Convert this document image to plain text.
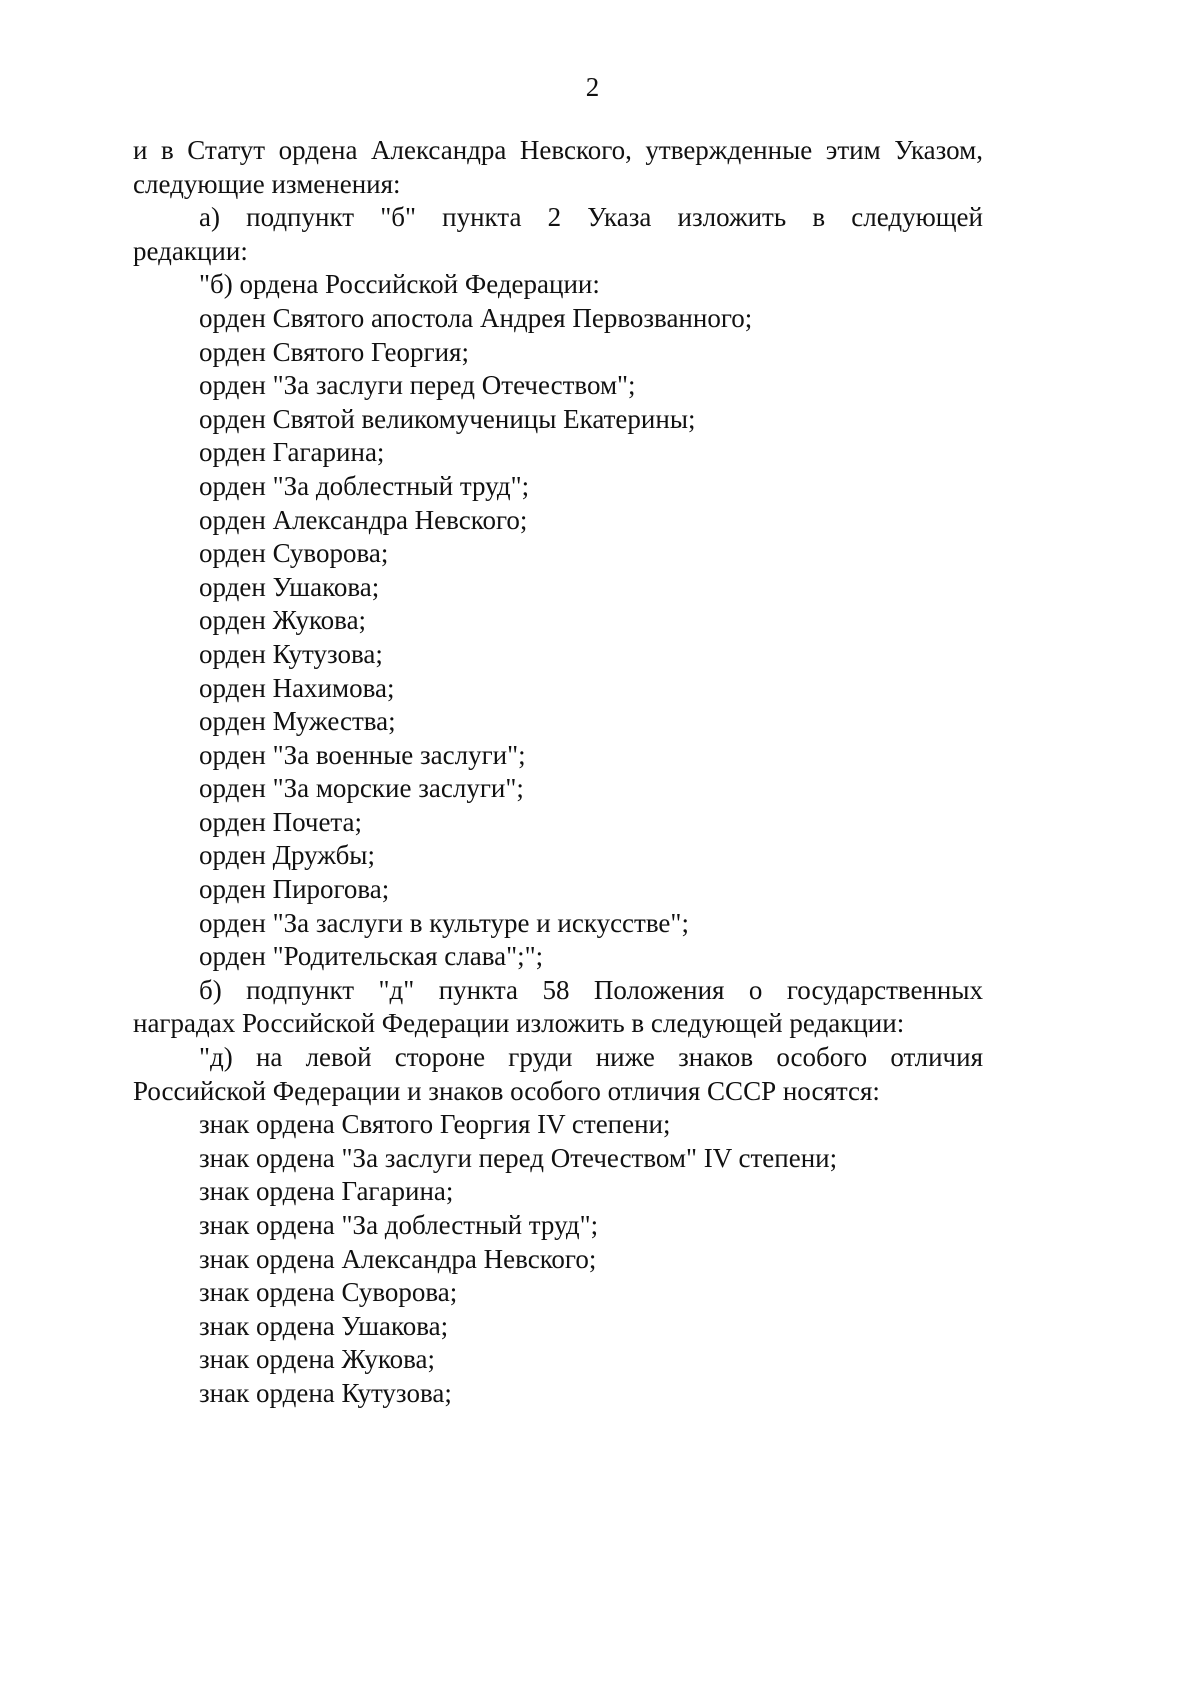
2
и в Статут ордена Александра Невского, утвержденные этим Указом,
следующие изменения:
а) подпункт "б" пункта 2 Указа изложить в следующей
редакции:
"б) ордена Российской Федерации:
орден Святого апостола Андрея Первозванного;
орден Святого Георгия;
орден "За заслуги перед Отечеством";
орден Святой великомученицы Екатерины;
орден Гагарина;
орден "За доблестный труд";
орден Александра Невского;
орден Суворова;
орден Ушакова;
орден Жукова;
орден Кутузова;
орден Нахимова;
орден Мужества;
орден "За военные заслуги";
орден "За морские заслуги";
орден Почета;
орден Дружбы;
орден Пирогова;
орден "За заслуги в культуре и искусстве";
орден "Родительская слава";";
б) подпункт "д" пункта 58 Положения о государственных
наградах Российской Федерации изложить в следующей редакции:
"д) на левой стороне груди ниже знаков особого отличия
Российской Федерации и знаков особого отличия СССР носятся:
знак ордена Святого Георгия IV степени;
знак ордена "За заслуги перед Отечеством" IV степени;
знак ордена Гагарина;
знак ордена "За доблестный труд";
знак ордена Александра Невского;
знак ордена Суворова;
знак ордена Ушакова;
знак ордена Жукова;
знак ордена Кутузова;
